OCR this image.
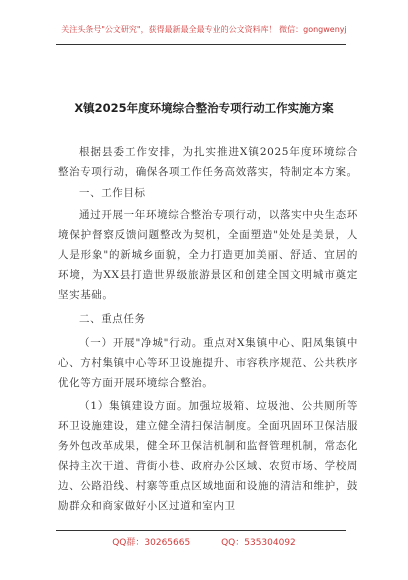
关注头条号"公文研究"，获得最新最全最专业的公文资料库！ 微信：gongwenyj
X镇2025年度环境综合整治专项行动工作实施方案

根据县委工作安排，为扎实推进X镇2025年度环境综合整治专项行动，确保各项工作任务高效落实，特制定本方案。

一、工作目标

通过开展一年环境综合整治专项行动，以落实中央生态环境保护督察反馈问题整改为契机，全面塑造"处处是美景，人人是形象"的新城乡面貌，全力打造更加美丽、舒适、宜居的环境，为XX县打造世界级旅游景区和创建全国文明城市奠定坚实基础。

二、重点任务

（一）开展"净城"行动。重点对X集镇中心、阳凤集镇中心、方村集镇中心等环卫设施提升、市容秩序规范、公共秩序优化等方面开展环境综合整治。

（1）集镇建设方面。加强垃圾箱、垃圾池、公共厕所等环卫设施建设，建立健全清扫保洁制度。全面巩固环卫保洁服务外包改革成果，健全环卫保洁机制和监督管理机制，常态化保持主次干道、背街小巷、政府办公区域、农贸市场、学校周边、公路沿线、村寨等重点区域地面和设施的清洁和维护，鼓励群众和商家做好小区过道和室内卫

QQ群：30265665	QQ：535304092
